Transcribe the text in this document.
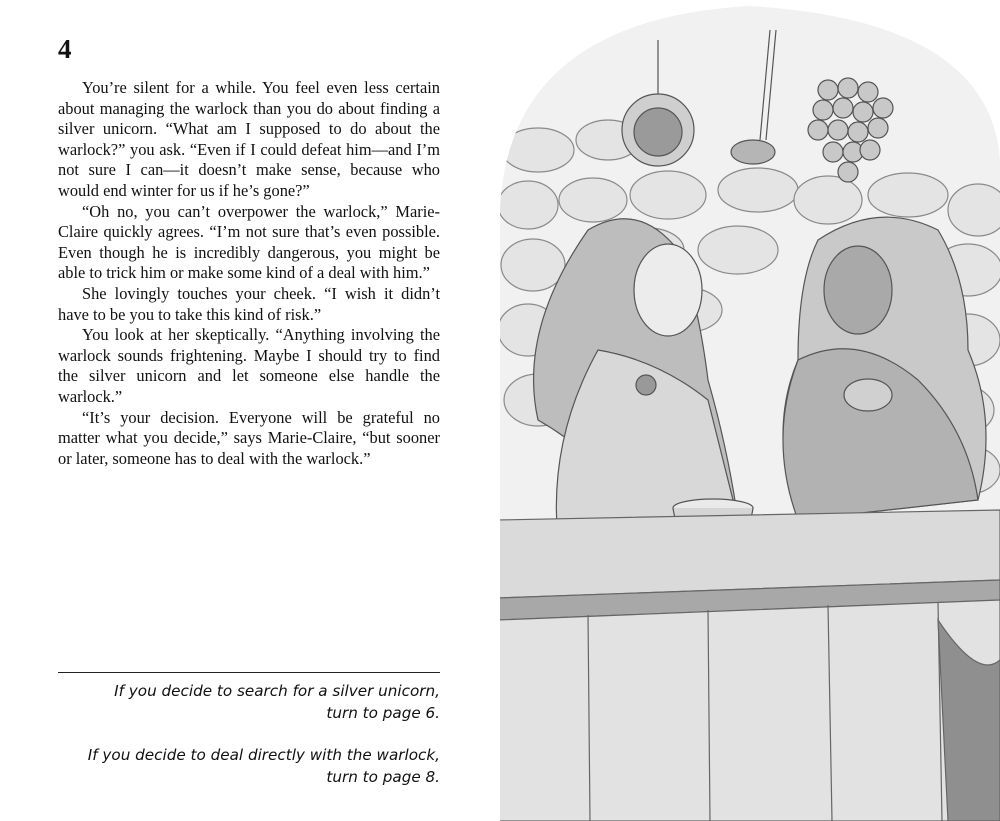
4

You’re silent for a while. You feel even less certain about managing the warlock than you do about finding a silver unicorn. “What am I supposed to do about the warlock?” you ask. “Even if I could defeat him—and I’m not sure I can—it doesn’t make sense, because who would end winter for us if he’s gone?”

“Oh no, you can’t overpower the warlock,” Marie-Claire quickly agrees. “I’m not sure that’s even possible. Even though he is incredibly dangerous, you might be able to trick him or make some kind of a deal with him.”

She lovingly touches your cheek. “I wish it didn’t have to be you to take this kind of risk.”

You look at her skeptically. “Anything involving the warlock sounds frightening. Maybe I should try to find the silver unicorn and let someone else handle the warlock.”

“It’s your decision. Everyone will be grateful no matter what you decide,” says Marie-Claire, “but sooner or later, someone has to deal with the warlock.”

If you decide to search for a silver unicorn,
turn to page 6.
If you decide to deal directly with the warlock,
turn to page 8.
